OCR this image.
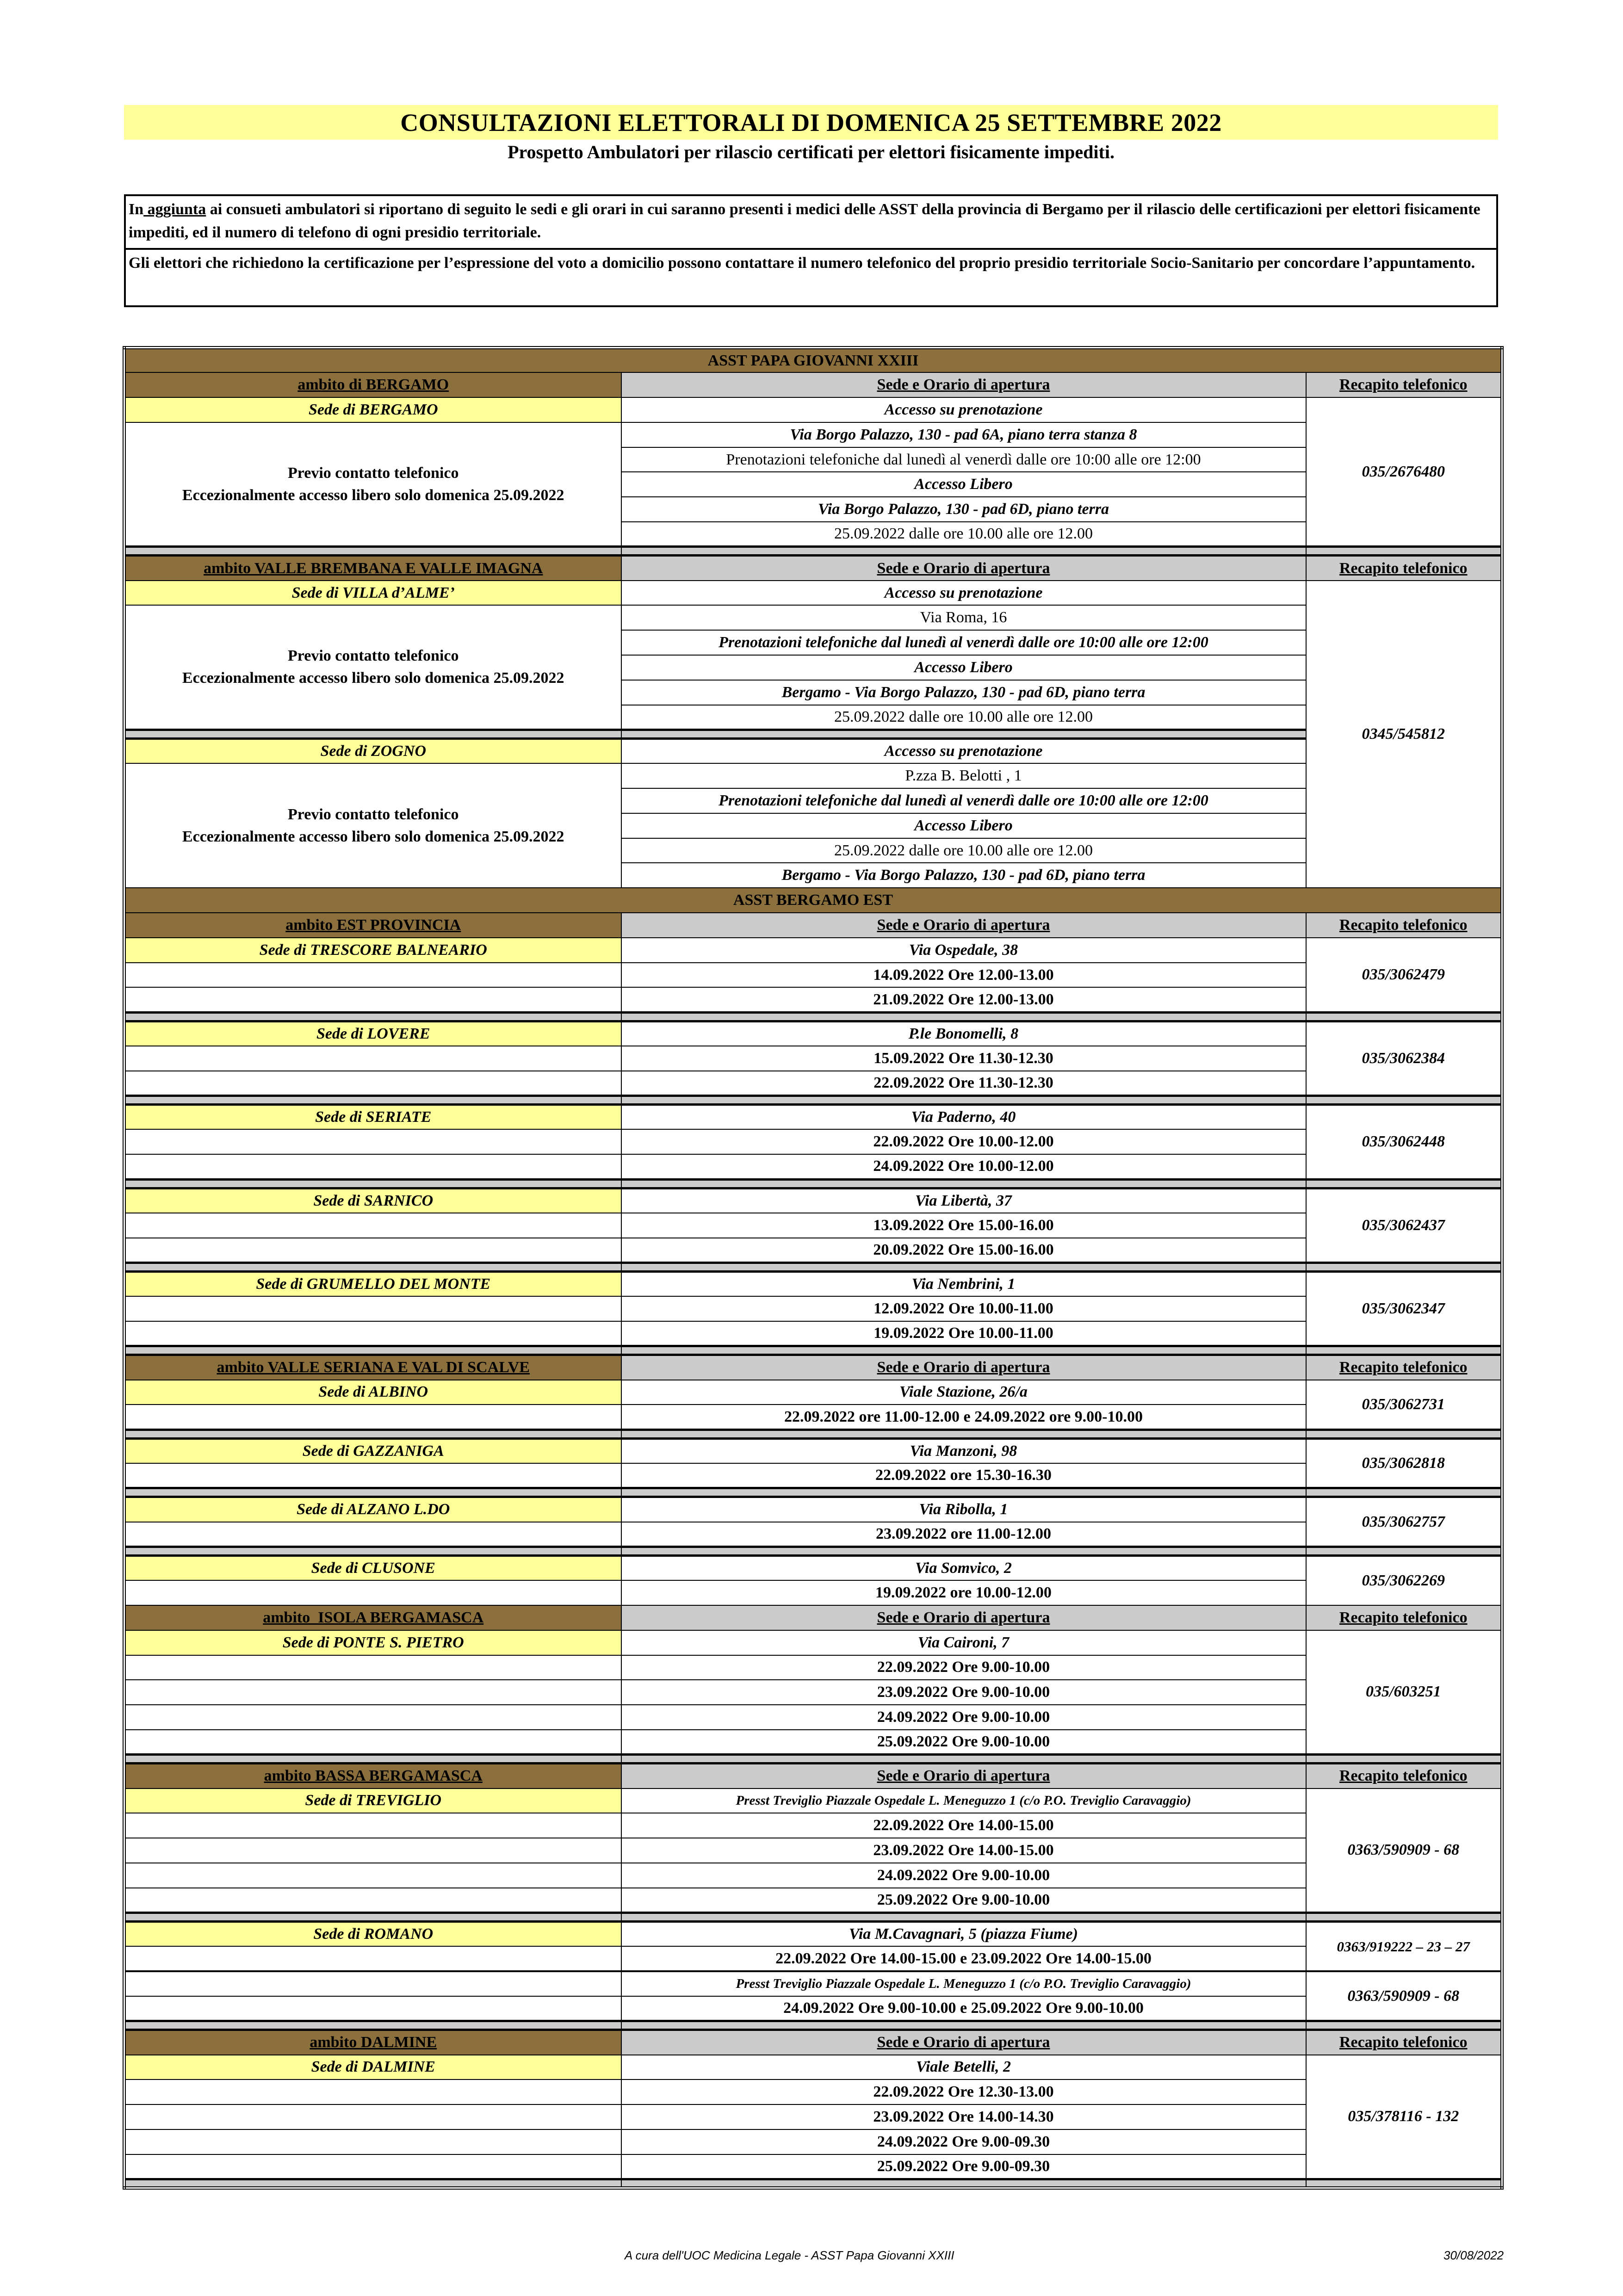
CONSULTAZIONI ELETTORALI DI DOMENICA 25 SETTEMBRE 2022
Prospetto Ambulatori per rilascio certificati per elettori fisicamente impediti.
In aggiunta ai consueti ambulatori si riportano di seguito le sedi e gli orari in cui saranno presenti i medici delle ASST della provincia di Bergamo per il rilascio delle certificazioni per elettori fisicamente impediti, ed il numero di telefono di ogni presidio territoriale.
Gli elettori che richiedono la certificazione per l’espressione del voto a domicilio possono contattare il numero telefonico del proprio presidio territoriale Socio-Sanitario per concordare l’appuntamento.
ASST PAPA GIOVANNI XXIII		
ambito di BERGAMO	Sede e Orario di apertura	Recapito telefonico
Sede di BERGAMO	Accesso su prenotazione	035/2676480

Previo contatto telefonico
Eccezionalmente accesso libero solo domenica 25.09.2022	Via Borgo Palazzo, 130 - pad 6A, piano terra stanza 8	
	Prenotazioni telefoniche dal lunedì al venerdì dalle ore 10:00 alle ore 12:00	
	Accesso Libero	
	Via Borgo Palazzo, 130 - pad 6D, piano terra	
	25.09.2022 dalle ore 10.00 alle ore 12.00	

ambito VALLE BREMBANA E VALLE IMAGNA	Sede e Orario di apertura	Recapito telefonico
Sede di VILLA d’ALME’	Accesso su prenotazione	0345/545812

Previo contatto telefonico
Eccezionalmente accesso libero solo domenica 25.09.2022	Via Roma, 16	
	Prenotazioni telefoniche dal lunedì al venerdì dalle ore 10:00 alle ore 12:00	
	Accesso Libero	
	Bergamo - Via Borgo Palazzo, 130 - pad 6D, piano terra	
	25.09.2022 dalle ore 10.00 alle ore 12.00	

Sede di ZOGNO	Accesso su prenotazione	

Previo contatto telefonico
Eccezionalmente accesso libero solo domenica 25.09.2022	P.zza B. Belotti , 1	
	Prenotazioni telefoniche dal lunedì al venerdì dalle ore 10:00 alle ore 12:00	
	Accesso Libero	
	25.09.2022 dalle ore 10.00 alle ore 12.00	
	Bergamo - Via Borgo Palazzo, 130 - pad 6D, piano terra	
ASST BERGAMO EST		
ambito EST PROVINCIA	Sede e Orario di apertura	Recapito telefonico
Sede di TRESCORE BALNEARIO	Via Ospedale, 38	035/3062479
	14.09.2022 Ore 12.00-13.00	
	21.09.2022 Ore 12.00-13.00	

Sede di LOVERE	P.le Bonomelli, 8	035/3062384
	15.09.2022 Ore 11.30-12.30	
	22.09.2022 Ore 11.30-12.30	

Sede di SERIATE	Via Paderno, 40	035/3062448
	22.09.2022 Ore 10.00-12.00	
	24.09.2022 Ore 10.00-12.00	

Sede di SARNICO	Via Libertà, 37	035/3062437
	13.09.2022 Ore 15.00-16.00	
	20.09.2022 Ore 15.00-16.00	

Sede di GRUMELLO DEL MONTE	Via Nembrini, 1	035/3062347
	12.09.2022 Ore 10.00-11.00	
	19.09.2022 Ore 10.00-11.00	

ambito VALLE SERIANA E VAL DI SCALVE	Sede e Orario di apertura	Recapito telefonico
Sede di ALBINO	Viale Stazione, 26/a	035/3062731
	22.09.2022 ore 11.00-12.00 e 24.09.2022 ore 9.00-10.00	

Sede di GAZZANIGA	Via Manzoni, 98	035/3062818
	22.09.2022 ore 15.30-16.30	

Sede di ALZANO L.DO	Via Ribolla, 1	035/3062757
	23.09.2022 ore 11.00-12.00	

Sede di CLUSONE	Via Somvico, 2	035/3062269
	19.09.2022 ore 10.00-12.00	
ambito  ISOLA BERGAMASCA	Sede e Orario di apertura	Recapito telefonico
Sede di PONTE S. PIETRO	Via Caironi, 7	035/603251
	22.09.2022 Ore 9.00-10.00	
	23.09.2022 Ore 9.00-10.00	
	24.09.2022 Ore 9.00-10.00	
	25.09.2022 Ore 9.00-10.00	

ambito BASSA BERGAMASCA	Sede e Orario di apertura	Recapito telefonico
Sede di TREVIGLIO	Presst Treviglio Piazzale Ospedale L. Meneguzzo 1 (c/o P.O. Treviglio Caravaggio)	0363/590909 - 68
	22.09.2022 Ore 14.00-15.00	
	23.09.2022 Ore 14.00-15.00	
	24.09.2022 Ore 9.00-10.00	
	25.09.2022 Ore 9.00-10.00	

Sede di ROMANO	Via M.Cavagnari, 5 (piazza Fiume)	0363/919222 – 23 – 27
	22.09.2022 Ore 14.00-15.00 e 23.09.2022 Ore 14.00-15.00	
	Presst Treviglio Piazzale Ospedale L. Meneguzzo 1 (c/o P.O. Treviglio Caravaggio)	0363/590909 - 68
	24.09.2022 Ore 9.00-10.00 e 25.09.2022 Ore 9.00-10.00	

ambito DALMINE	Sede e Orario di apertura	Recapito telefonico
Sede di DALMINE	Viale Betelli, 2	035/378116 - 132
	22.09.2022 Ore 12.30-13.00	
	23.09.2022 Ore 14.00-14.30	
	24.09.2022 Ore 9.00-09.30	
	25.09.2022 Ore 9.00-09.30	

A cura dell'UOC Medicina Legale - ASST Papa Giovanni XXIII	30/08/2022
